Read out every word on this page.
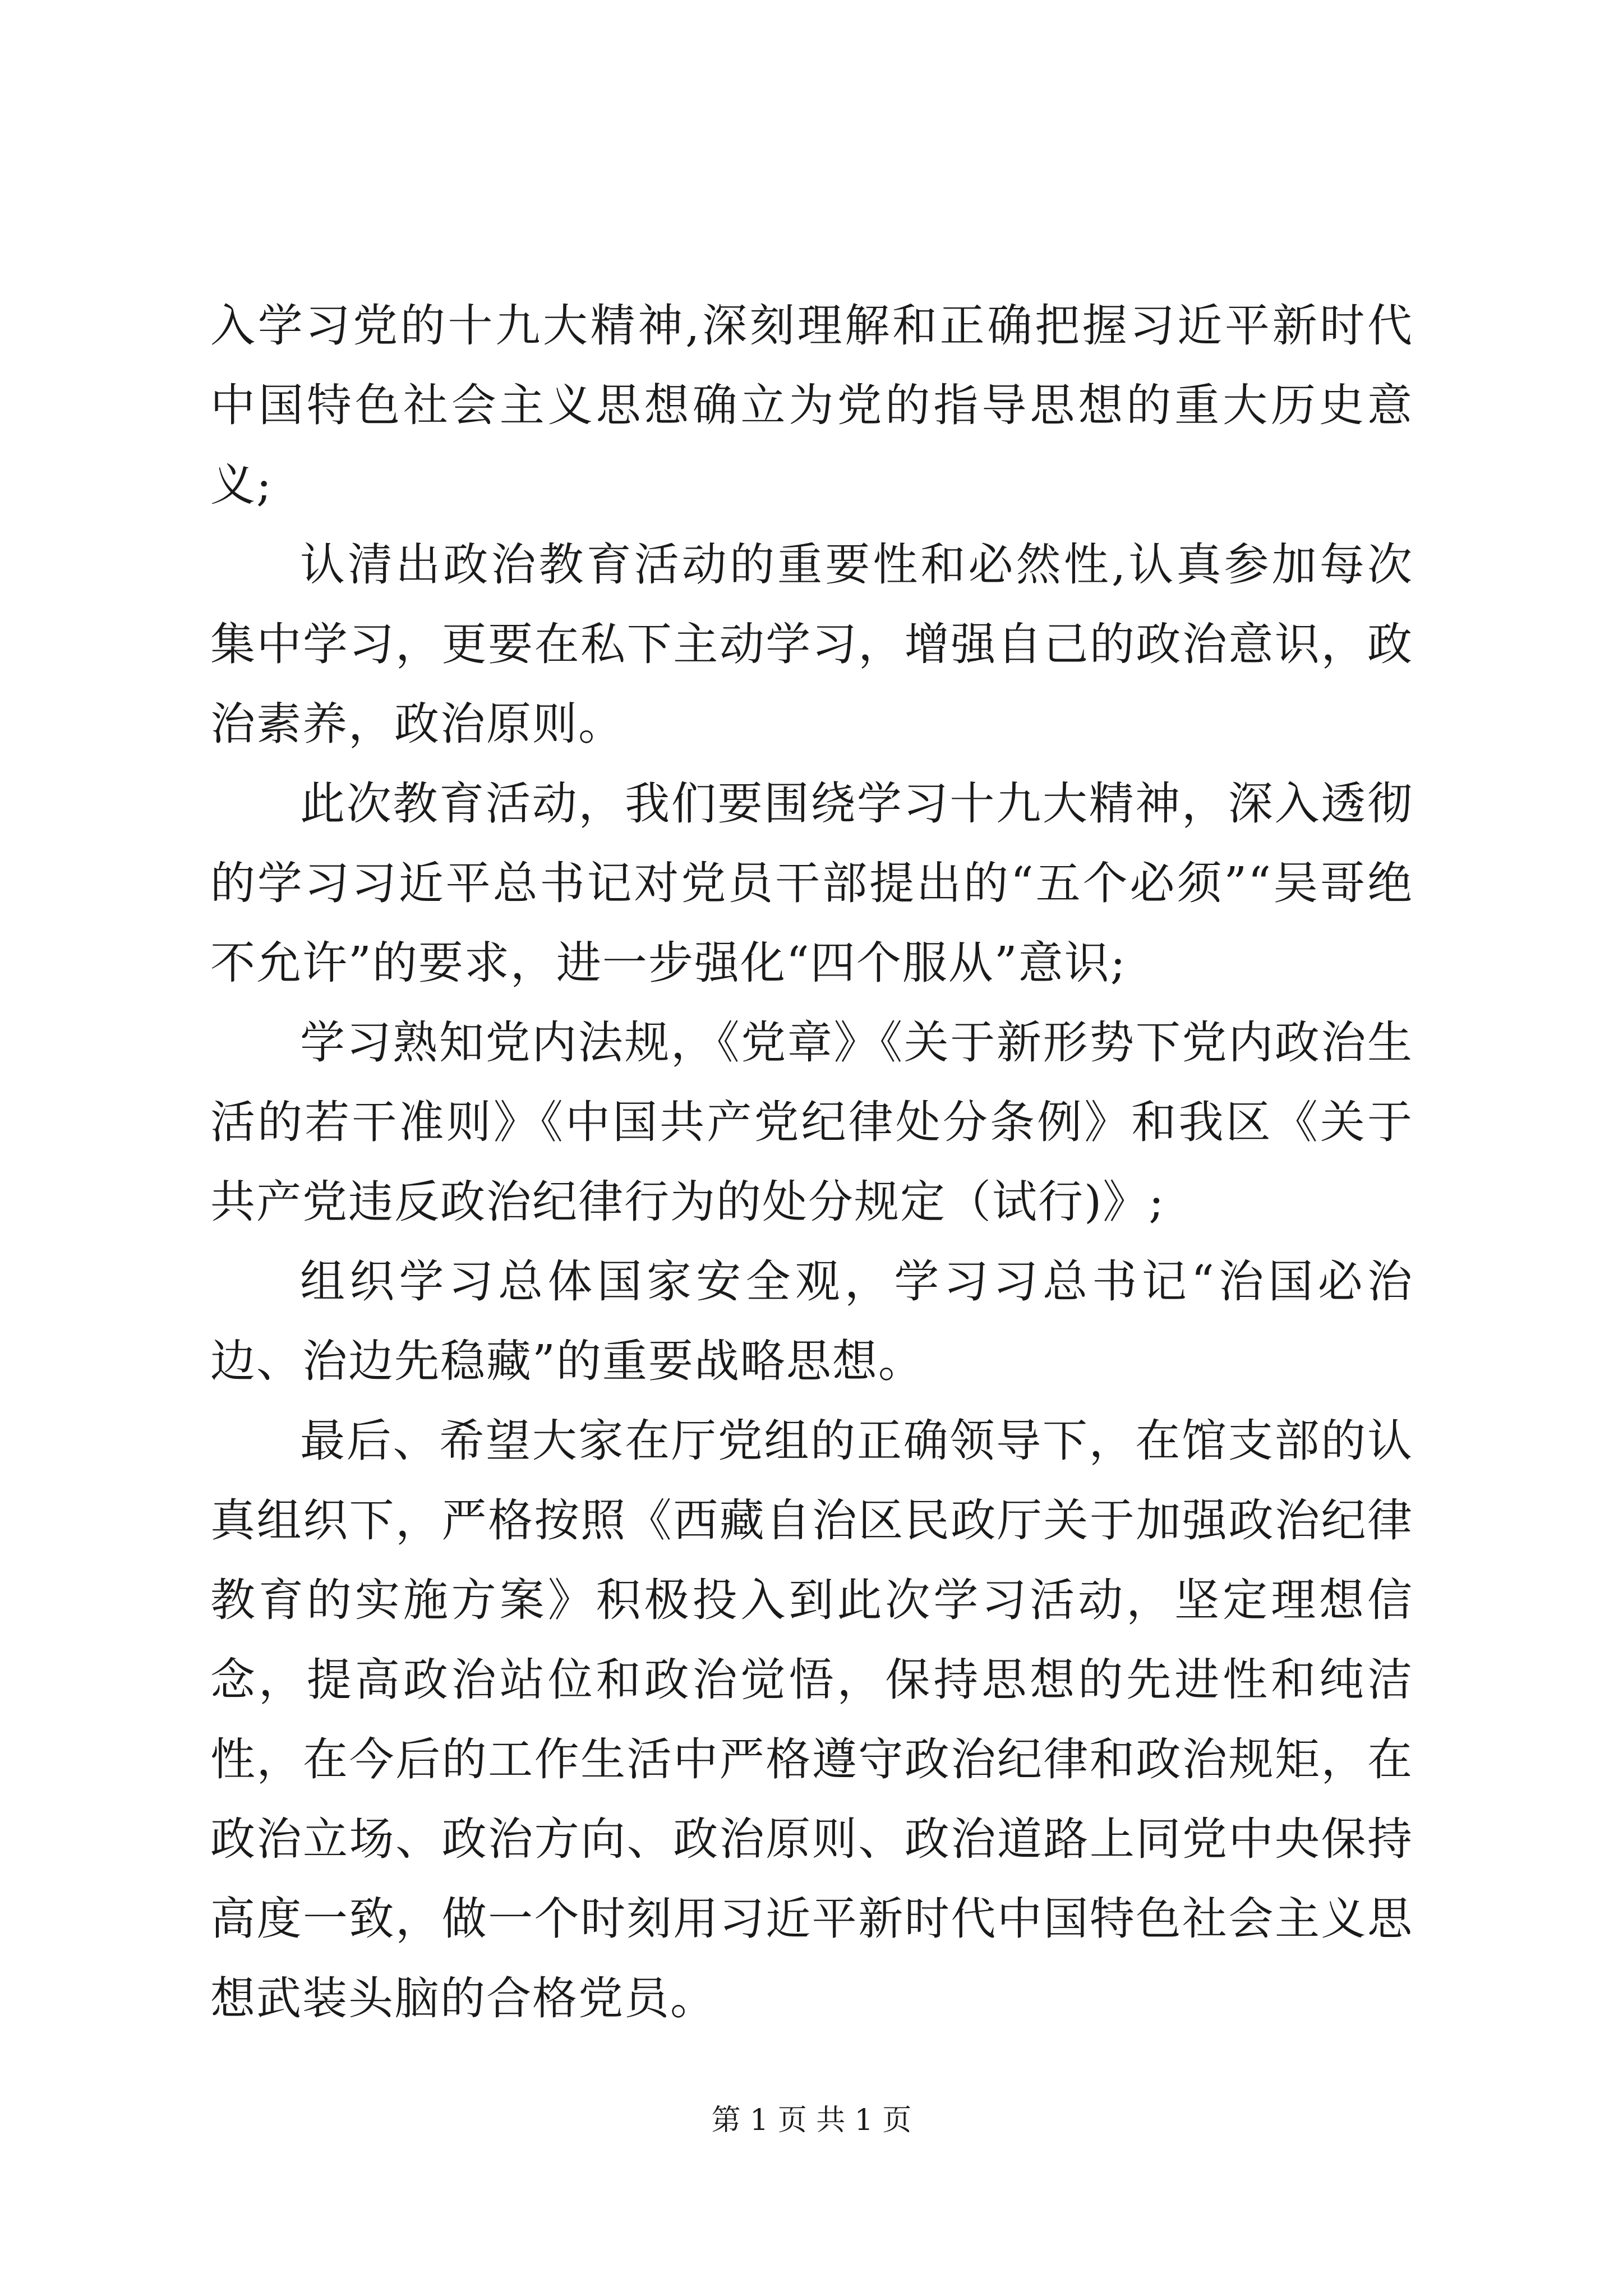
入学习党的十九大精神,深刻理解和正确把握习近平新时代中国特色社会主义思想确立为党的指导思想的重大历史意义;

认清出政治教育活动的重要性和必然性,认真参加每次集中学习，更要在私下主动学习，增强自己的政治意识，政治素养，政治原则。

此次教育活动，我们要围绕学习十九大精神，深入透彻的学习习近平总书记对党员干部提出的“五个必须”“吴哥绝不允许”的要求，进一步强化“四个服从”意识;

学习熟知党内法规，《党章》《关于新形势下党内政治生活的若干准则》《中国共产党纪律处分条例》和我区《关于共产党违反政治纪律行为的处分规定（试行)》;

组织学习总体国家安全观，学习习总书记“治国必治边、治边先稳藏”的重要战略思想。

最后、希望大家在厅党组的正确领导下，在馆支部的认真组织下，严格按照《西藏自治区民政厅关于加强政治纪律教育的实施方案》积极投入到此次学习活动，坚定理想信念，提高政治站位和政治觉悟，保持思想的先进性和纯洁性，在今后的工作生活中严格遵守政治纪律和政治规矩，在政治立场、政治方向、政治原则、政治道路上同党中央保持高度一致，做一个时刻用习近平新时代中国特色社会主义思想武装头脑的合格党员。

第 1 页 共 1 页
